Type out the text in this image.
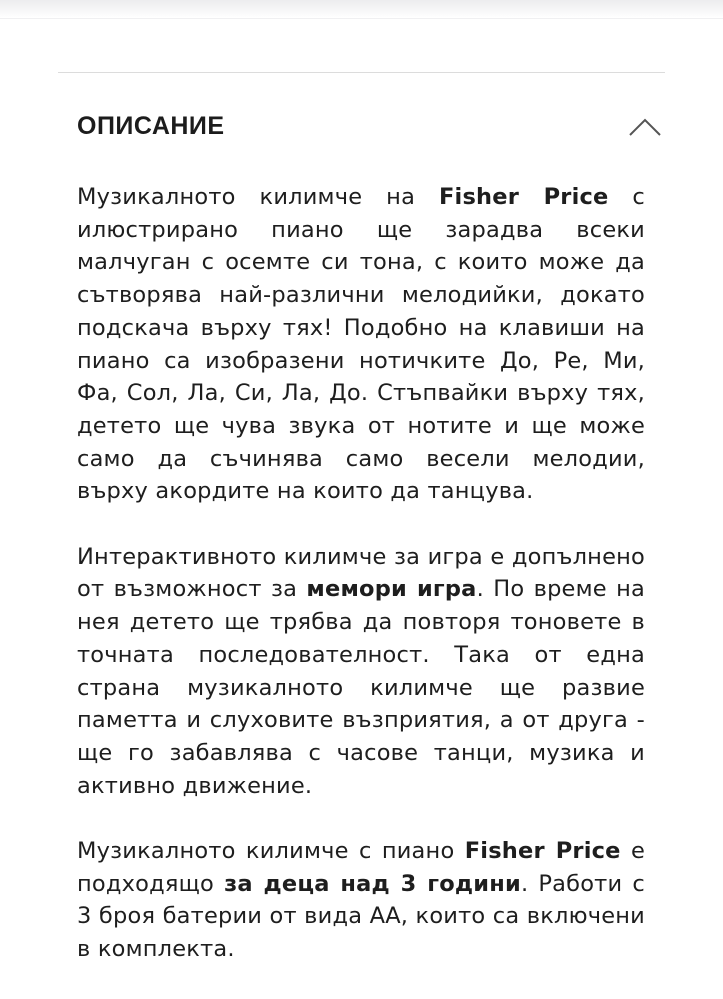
ОПИСАНИЕ

Музикалното килимче на Fisher Price с илюстрирано пиано ще зарадва всеки малчуган с осемте си тона, с които може да сътворява най-различни мелодийки, докато подскача върху тях! Подобно на клавиши на пиано са изобразени нотичките До, Ре, Ми, Фа, Сол, Ла, Си, Ла, До. Стъпвайки върху тях, детето ще чува звука от нотите и ще може само да съчинява само весели мелодии, върху акордите на които да танцува.

Интерактивното килимче за игра е допълнено от възможност за мемори игра. По време на нея детето ще трябва да повторя тоновете в точната последователност. Така от една страна музикалното килимче ще развие паметта и слуховите възприятия, а от друга - ще го забавлява с часове танци, музика и активно движение.

Музикалното килимче с пиано Fisher Price е подходящо за деца над 3 години. Работи с 3 броя батерии от вида АА, които са включени в комплекта.
